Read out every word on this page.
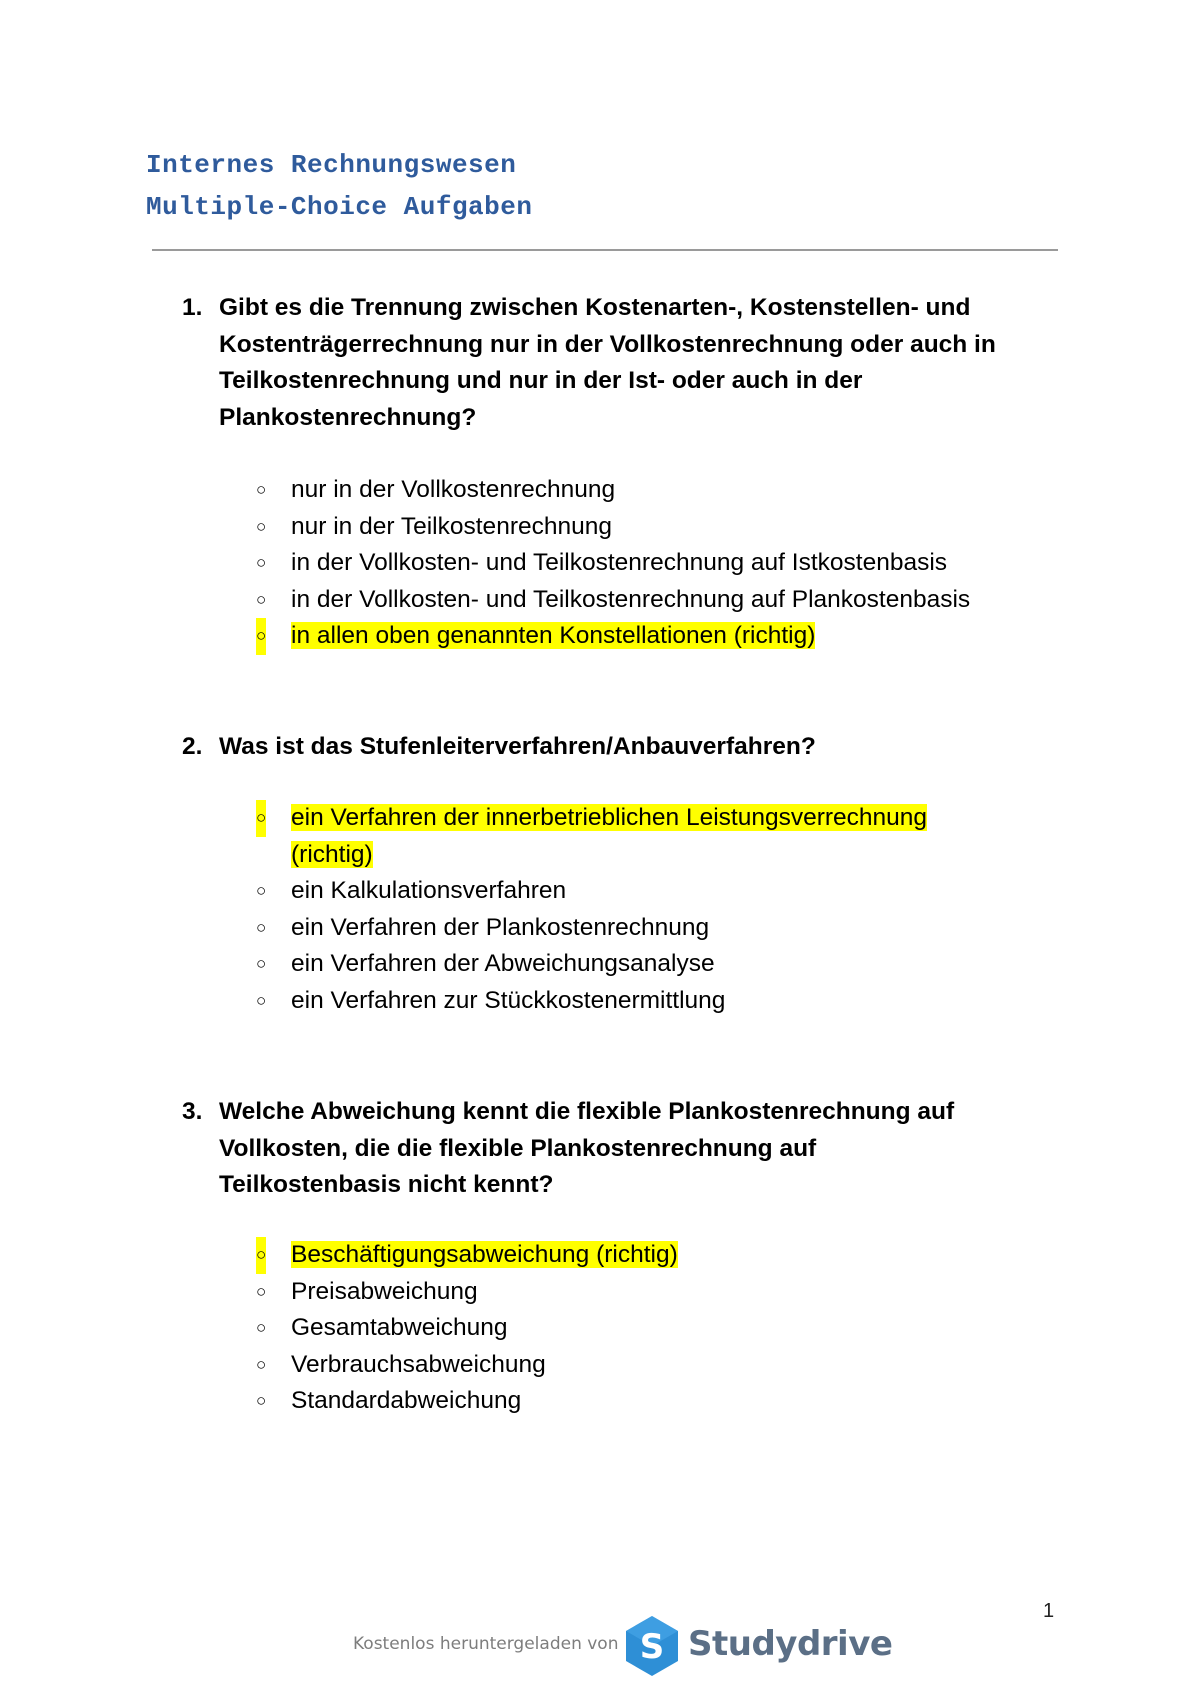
Internes Rechnungswesen
Multiple-Choice Aufgaben
1. Gibt es die Trennung zwischen Kostenarten-, Kostenstellen- und
Kostenträgerrechnung nur in der Vollkostenrechnung oder auch in
Teilkostenrechnung und nur in der Ist- oder auch in der
Plankostenrechnung?
○ nur in der Vollkostenrechnung
○ nur in der Teilkostenrechnung
○ in der Vollkosten- und Teilkostenrechnung auf Istkostenbasis
○ in der Vollkosten- und Teilkostenrechnung auf Plankostenbasis
○ in allen oben genannten Konstellationen (richtig)
2. Was ist das Stufenleiterverfahren/Anbauverfahren?
○ ein Verfahren der innerbetrieblichen Leistungsverrechnung (richtig)
○ ein Kalkulationsverfahren
○ ein Verfahren der Plankostenrechnung
○ ein Verfahren der Abweichungsanalyse
○ ein Verfahren zur Stückkostenermittlung
3. Welche Abweichung kennt die flexible Plankostenrechnung auf
Vollkosten, die die flexible Plankostenrechnung auf
Teilkostenbasis nicht kennt?
○ Beschäftigungsabweichung (richtig)
○ Preisabweichung
○ Gesamtabweichung
○ Verbrauchsabweichung
○ Standardabweichung
1
Kostenlos heruntergeladen von S Studydrive
